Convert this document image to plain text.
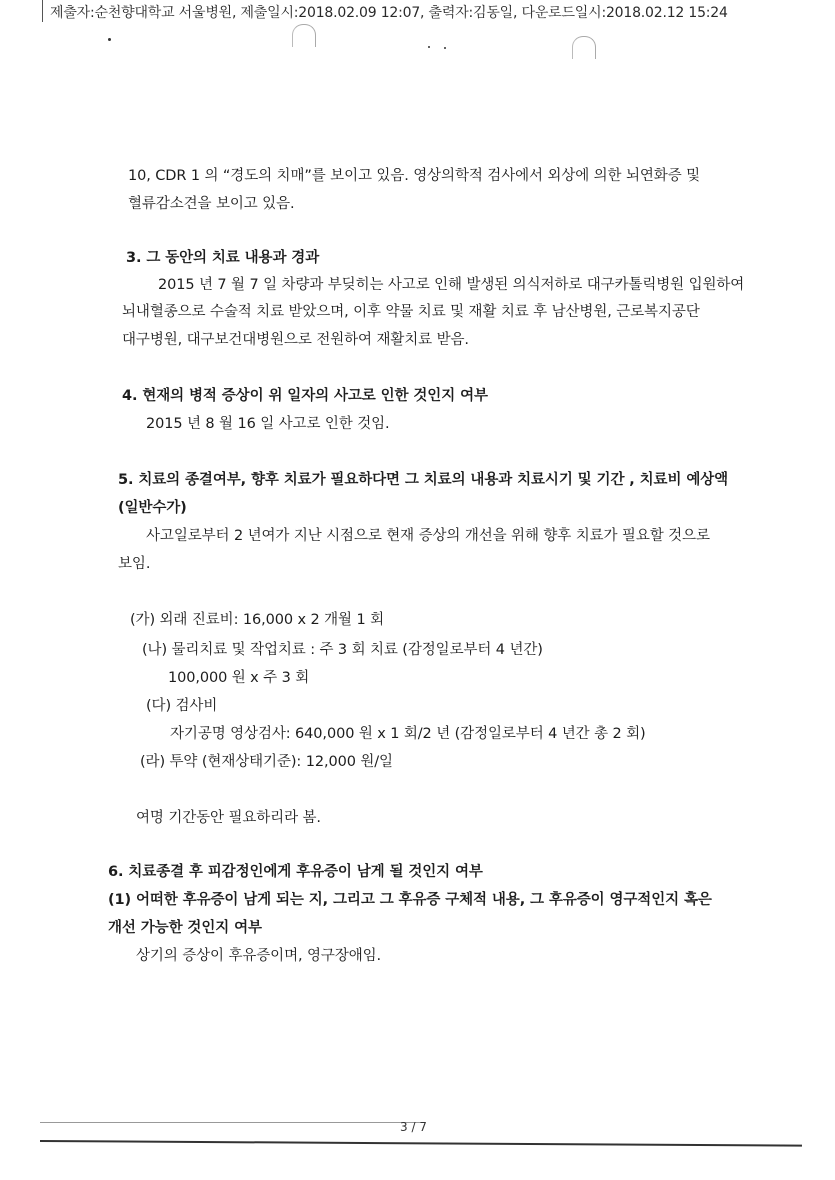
제출자:순천향대학교 서울병원, 제출일시:2018.02.09 12:07, 출력자:김동일, 다운로드일시:2018.02.12 15:24
10, CDR 1 의 “경도의 치매”를 보이고 있음. 영상의학적 검사에서 외상에 의한 뇌연화증 및
혈류감소견을 보이고 있음.
3. 그 동안의 치료 내용과 경과
2015 년 7 월 7 일 차량과 부딪히는 사고로 인해 발생된 의식저하로 대구카톨릭병원 입원하여
뇌내혈종으로 수술적 치료 받았으며, 이후 약물 치료 및 재활 치료 후 남산병원, 근로복지공단
대구병원, 대구보건대병원으로 전원하여 재활치료 받음.
4. 현재의 병적 증상이 위 일자의 사고로 인한 것인지 여부
2015 년 8 월 16 일 사고로 인한 것임.
5. 치료의 종결여부, 향후 치료가 필요하다면 그 치료의 내용과 치료시기 및 기간 , 치료비 예상액
(일반수가)
사고일로부터 2 년여가 지난 시점으로 현재 증상의 개선을 위해 향후 치료가 필요할 것으로
보임.
(가) 외래 진료비: 16,000 x 2 개월 1 회
(나) 물리치료 및 작업치료 : 주 3 회 치료 (감정일로부터 4 년간)
100,000 원 x 주 3 회
(다) 검사비
자기공명 영상검사: 640,000 원 x 1 회/2 년 (감정일로부터 4 년간 총 2 회)
(라) 투약 (현재상태기준): 12,000 원/일
여명 기간동안 필요하리라 봄.
6. 치료종결 후 피감정인에게 후유증이 남게 될 것인지 여부
(1) 어떠한 후유증이 남게 되는 지, 그리고 그 후유증 구체적 내용, 그 후유증이 영구적인지 혹은
개선 가능한 것인지 여부
상기의 증상이 후유증이며, 영구장애임.
3 / 7
